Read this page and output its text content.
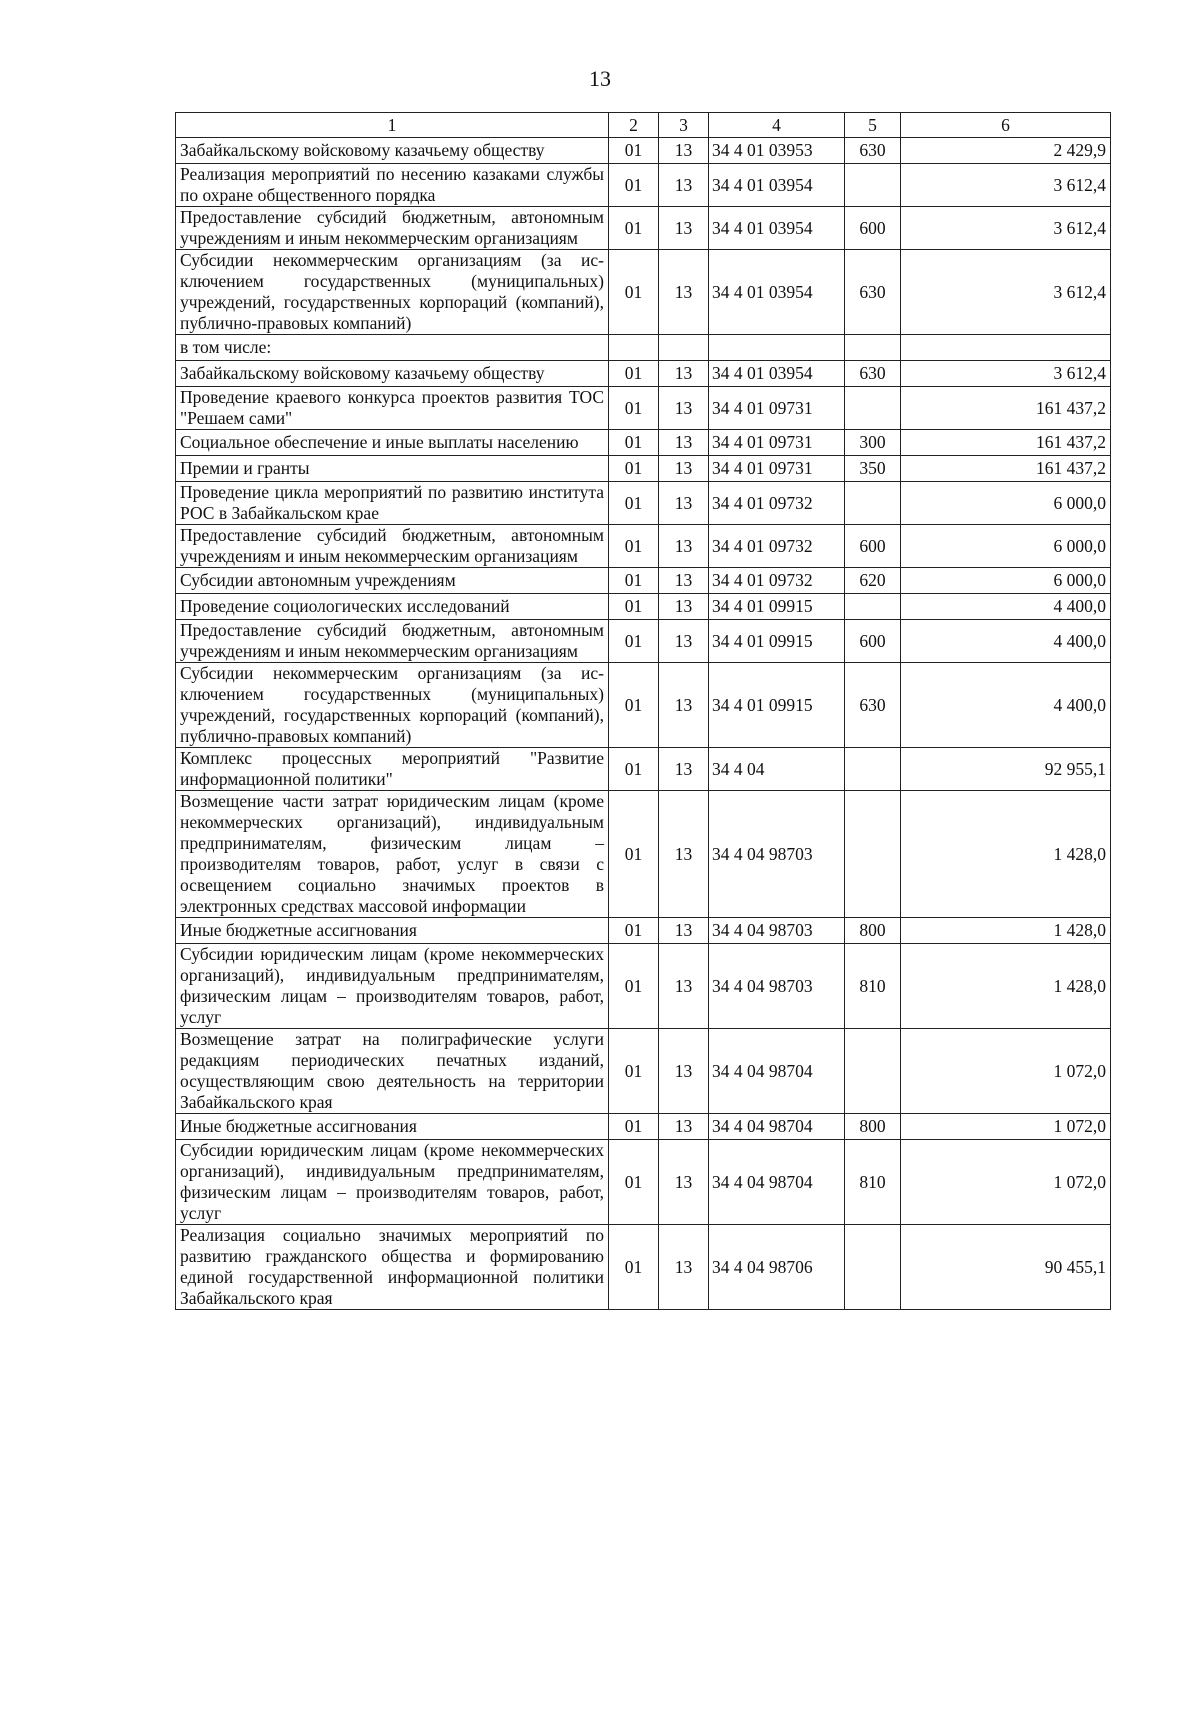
13
1	2	3	4	5	6
Забайкальскому войсковому казачьему обществу	01	13	34 4 01 03953	630	2 429,9
Реализация мероприятий по несению казаками службы по охране общественного порядка	01	13	34 4 01 03954		3 612,4
Предоставление субсидий бюджетным, автономным учреждениям и иным некоммерческим организациям	01	13	34 4 01 03954	600	3 612,4
Субсидии некоммерческим организациям (за исключением государственных (муниципальных) учреждений, государственных корпораций (компаний), публично-правовых компаний)	01	13	34 4 01 03954	630	3 612,4
в том числе:					
Забайкальскому войсковому казачьему обществу	01	13	34 4 01 03954	630	3 612,4
Проведение краевого конкурса проектов развития ТОС "Решаем сами"	01	13	34 4 01 09731		161 437,2
Социальное обеспечение и иные выплаты населению	01	13	34 4 01 09731	300	161 437,2
Премии и гранты	01	13	34 4 01 09731	350	161 437,2
Проведение цикла мероприятий по развитию института РОС в Забайкальском крае	01	13	34 4 01 09732		6 000,0
Предоставление субсидий бюджетным, автономным учреждениям и иным некоммерческим организациям	01	13	34 4 01 09732	600	6 000,0
Субсидии автономным учреждениям	01	13	34 4 01 09732	620	6 000,0
Проведение социологических исследований	01	13	34 4 01 09915		4 400,0
Предоставление субсидий бюджетным, автономным учреждениям и иным некоммерческим организациям	01	13	34 4 01 09915	600	4 400,0
Субсидии некоммерческим организациям (за исключением государственных (муниципальных) учреждений, государственных корпораций (компаний), публично-правовых компаний)	01	13	34 4 01 09915	630	4 400,0
Комплекс процессных мероприятий "Развитие информационной политики"	01	13	34 4 04		92 955,1
Возмещение части затрат юридическим лицам (кроме некоммерческих организаций), индивидуальным предпринимателям, физическим лицам – производителям товаров, работ, услуг в связи с освещением социально значимых проектов в электронных средствах массовой информации	01	13	34 4 04 98703		1 428,0
Иные бюджетные ассигнования	01	13	34 4 04 98703	800	1 428,0
Субсидии юридическим лицам (кроме некоммерческих организаций), индивидуальным предпринимателям, физическим лицам – производителям товаров, работ, услуг	01	13	34 4 04 98703	810	1 428,0
Возмещение затрат на полиграфические услуги редакциям периодических печатных изданий, осуществляющим свою деятельность на территории Забайкальского края	01	13	34 4 04 98704		1 072,0
Иные бюджетные ассигнования	01	13	34 4 04 98704	800	1 072,0
Субсидии юридическим лицам (кроме некоммерческих организаций), индивидуальным предпринимателям, физическим лицам – производителям товаров, работ, услуг	01	13	34 4 04 98704	810	1 072,0
Реализация социально значимых мероприятий по развитию гражданского общества и формированию единой государственной информационной политики Забайкальского края	01	13	34 4 04 98706		90 455,1
